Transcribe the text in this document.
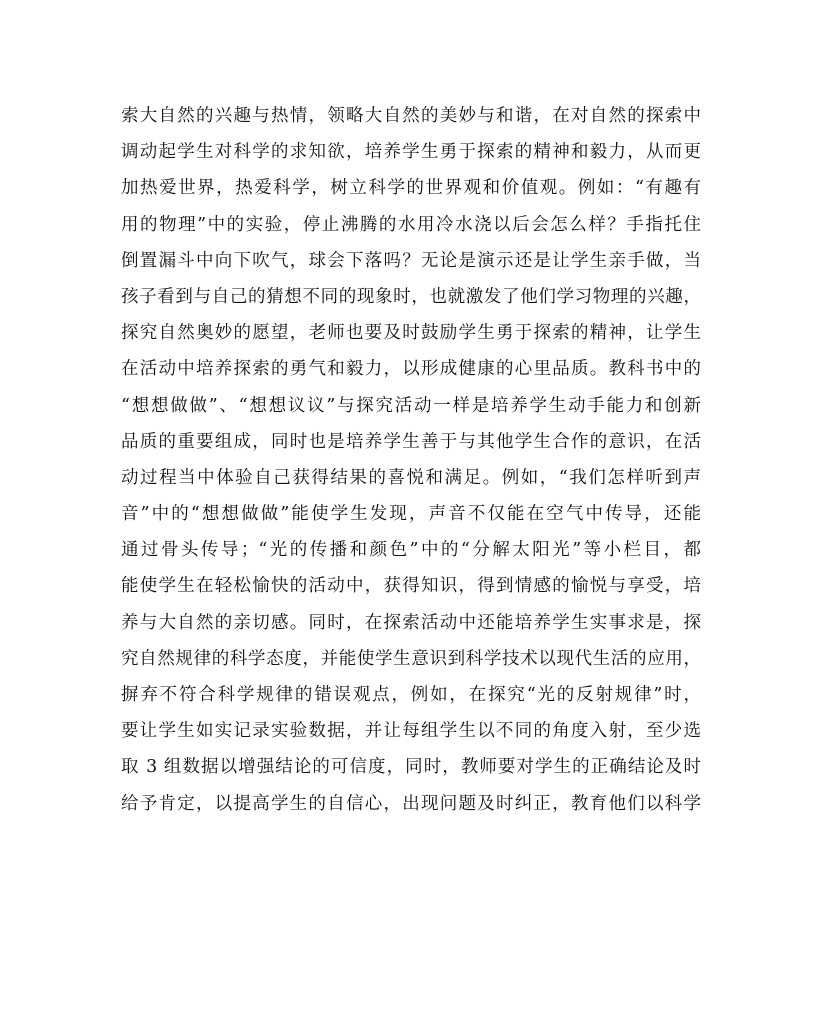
索大自然的兴趣与热情，领略大自然的美妙与和谐，在对自然的探索中
调动起学生对科学的求知欲，培养学生勇于探索的精神和毅力，从而更
加热爱世界，热爱科学，树立科学的世界观和价值观。例如：“有趣有
用的物理”中的实验，停止沸腾的水用冷水浇以后会怎么样？手指托住
倒置漏斗中向下吹气，球会下落吗？无论是演示还是让学生亲手做，当
孩子看到与自己的猜想不同的现象时，也就激发了他们学习物理的兴趣，
探究自然奥妙的愿望，老师也要及时鼓励学生勇于探索的精神，让学生
在活动中培养探索的勇气和毅力，以形成健康的心里品质。教科书中的
“想想做做”、“想想议议”与探究活动一样是培养学生动手能力和创新
品质的重要组成，同时也是培养学生善于与其他学生合作的意识，在活
动过程当中体验自己获得结果的喜悦和满足。例如，“我们怎样听到声
音”中的“想想做做”能使学生发现，声音不仅能在空气中传导，还能
通过骨头传导；“光的传播和颜色”中的“分解太阳光”等小栏目，都
能使学生在轻松愉快的活动中，获得知识，得到情感的愉悦与享受，培
养与大自然的亲切感。同时，在探索活动中还能培养学生实事求是，探
究自然规律的科学态度，并能使学生意识到科学技术以现代生活的应用，
摒弃不符合科学规律的错误观点，例如，在探究“光的反射规律”时，
要让学生如实记录实验数据，并让每组学生以不同的角度入射，至少选
取 3 组数据以增强结论的可信度，同时，教师要对学生的正确结论及时
给予肯定，以提高学生的自信心，出现问题及时纠正，教育他们以科学
